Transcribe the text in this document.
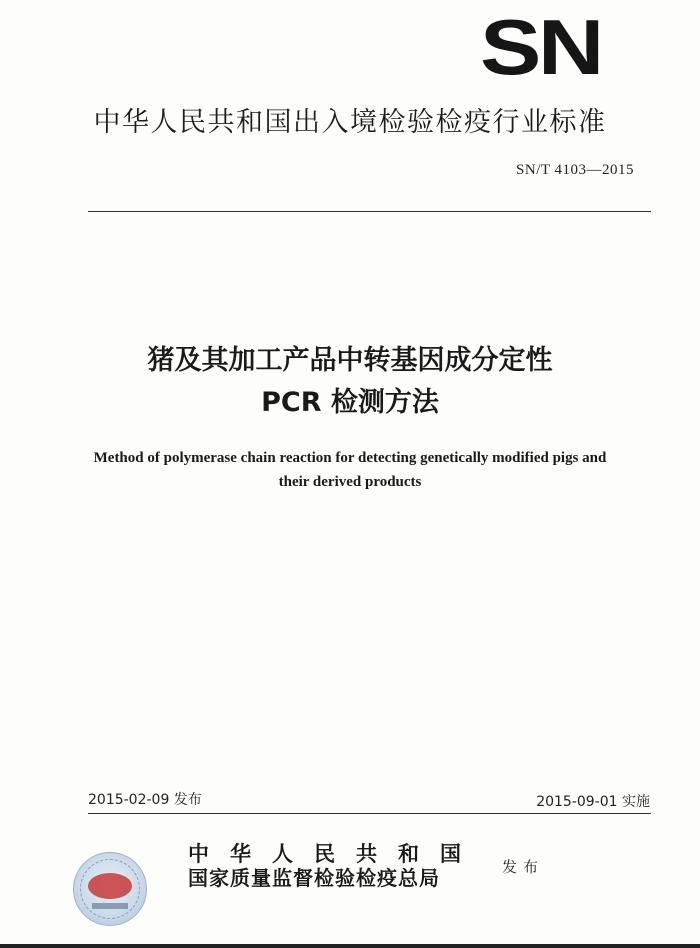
SN
中华人民共和国出入境检验检疫行业标准
SN/T 4103—2015
猪及其加工产品中转基因成分定性
PCR 检测方法
Method of polymerase chain reaction for detecting genetically modified pigs and
their derived products
2015-02-09 发布	2015-09-01 实施
中华人民共和国
国家质量监督检验检疫总局	发布
